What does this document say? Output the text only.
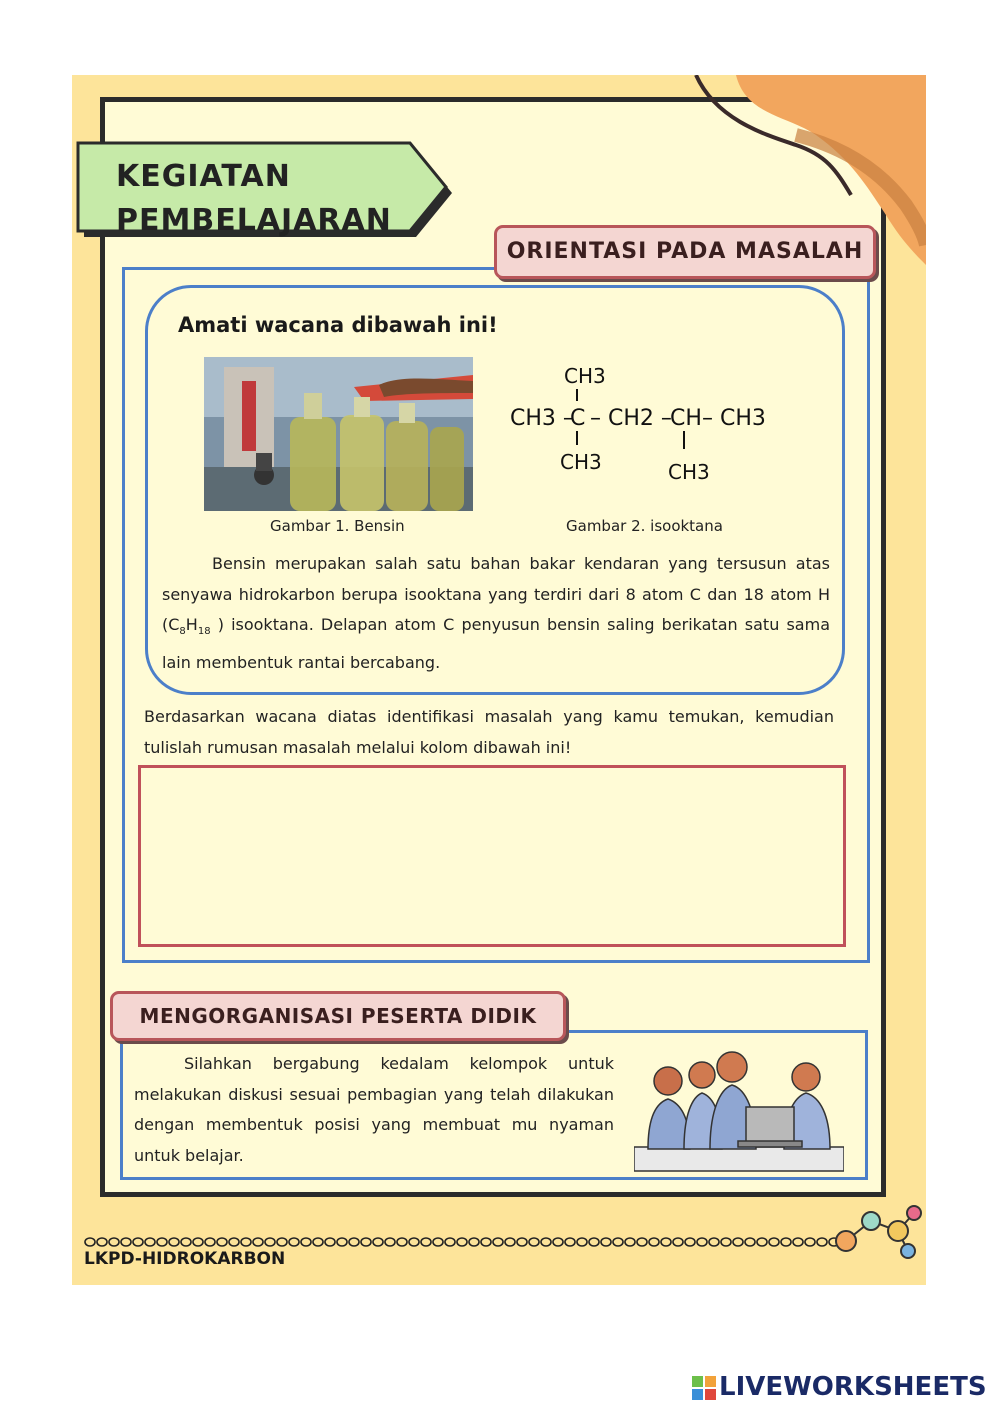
KEGIATAN
PEMBELAJARAN
ORIENTASI PADA MASALAH
Amati wacana dibawah ini!
CH3
CH3 –
C – CH2 –
CH – CH3
CH3	CH3
Gambar 1. Bensin	Gambar 2. isooktana

Bensin merupakan salah satu bahan bakar kendaran yang tersusun atas senyawa hidrokarbon berupa isooktana yang terdiri dari 8 atom C dan 18 atom H ($C_8H_{18}$ ) isooktana. Delapan atom C penyusun bensin saling berikatan satu sama lain membentuk rantai bercabang.

Berdasarkan wacana diatas identifikasi masalah yang kamu temukan, kemudian tulislah rumusan masalah melalui kolom dibawah ini!
MENGORGANISASI PESERTA DIDIK
Silahkan bergabung kedalam kelompok untuk melakukan diskusi sesuai pembagian yang telah dilakukan dengan membentuk posisi yang membuat mu nyaman untuk belajar.
LKPD-HIDROKARBON
LIVEWORKSHEETS
